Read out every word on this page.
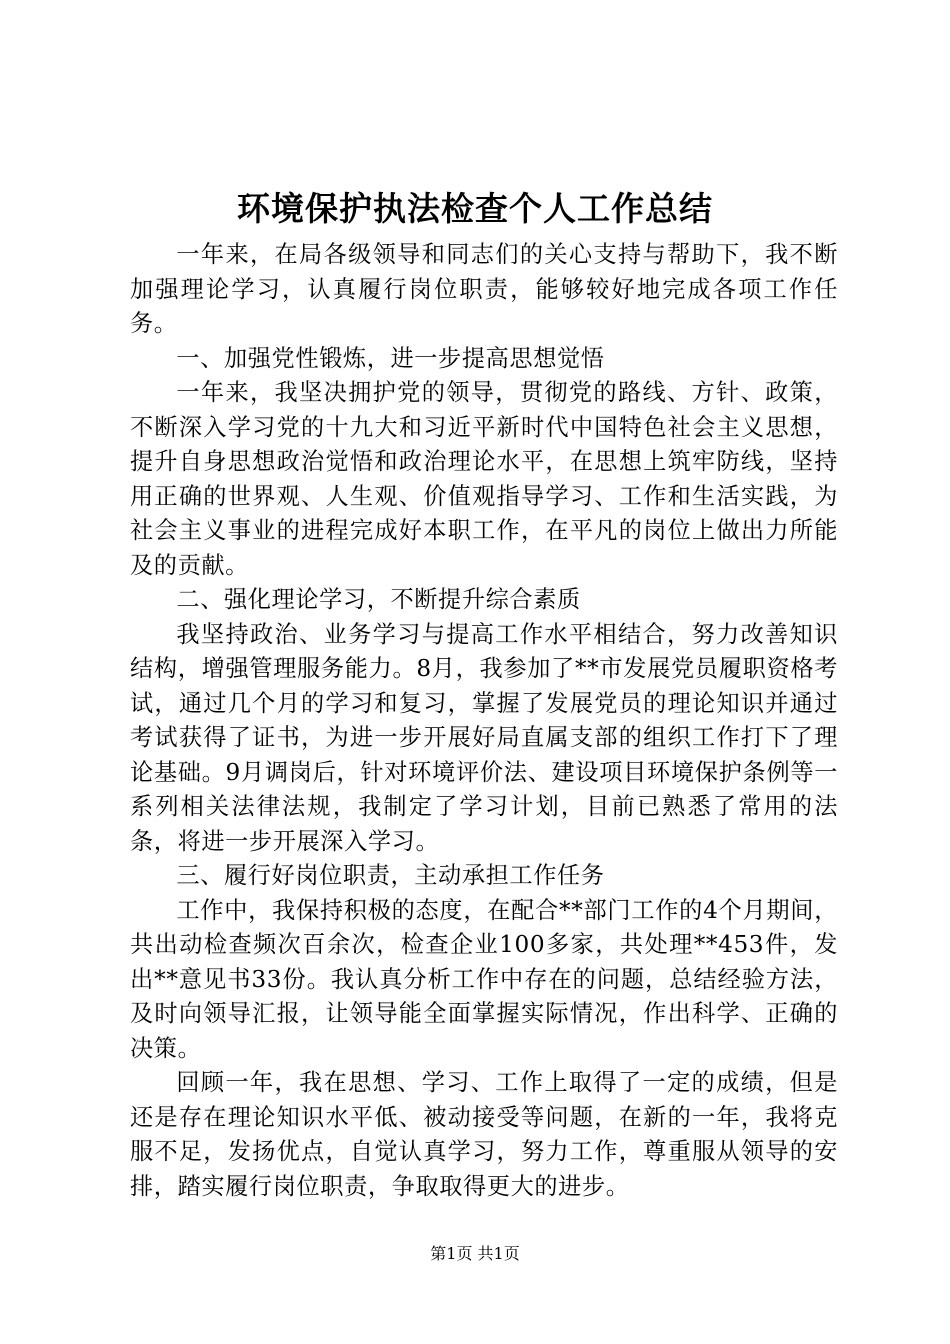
环境保护执法检查个人工作总结

一年来，在局各级领导和同志们的关心支持与帮助下，我不断加强理论学习，认真履行岗位职责，能够较好地完成各项工作任务。

一、加强党性锻炼，进一步提高思想觉悟

一年来，我坚决拥护党的领导，贯彻党的路线、方针、政策，不断深入学习党的十九大和习近平新时代中国特色社会主义思想，提升自身思想政治觉悟和政治理论水平，在思想上筑牢防线，坚持用正确的世界观、人生观、价值观指导学习、工作和生活实践，为社会主义事业的进程完成好本职工作，在平凡的岗位上做出力所能及的贡献。

二、强化理论学习，不断提升综合素质

我坚持政治、业务学习与提高工作水平相结合，努力改善知识结构，增强管理服务能力。8月，我参加了**市发展党员履职资格考试，通过几个月的学习和复习，掌握了发展党员的理论知识并通过考试获得了证书，为进一步开展好局直属支部的组织工作打下了理论基础。9月调岗后，针对环境评价法、建设项目环境保护条例等一系列相关法律法规，我制定了学习计划，目前已熟悉了常用的法条，将进一步开展深入学习。

三、履行好岗位职责，主动承担工作任务

工作中，我保持积极的态度，在配合**部门工作的4个月期间，共出动检查频次百余次，检查企业100多家，共处理**453件，发出**意见书33份。我认真分析工作中存在的问题，总结经验方法，及时向领导汇报，让领导能全面掌握实际情况，作出科学、正确的决策。

回顾一年，我在思想、学习、工作上取得了一定的成绩，但是还是存在理论知识水平低、被动接受等问题，在新的一年，我将克服不足，发扬优点，自觉认真学习，努力工作，尊重服从领导的安排，踏实履行岗位职责，争取取得更大的进步。

第1页 共1页
